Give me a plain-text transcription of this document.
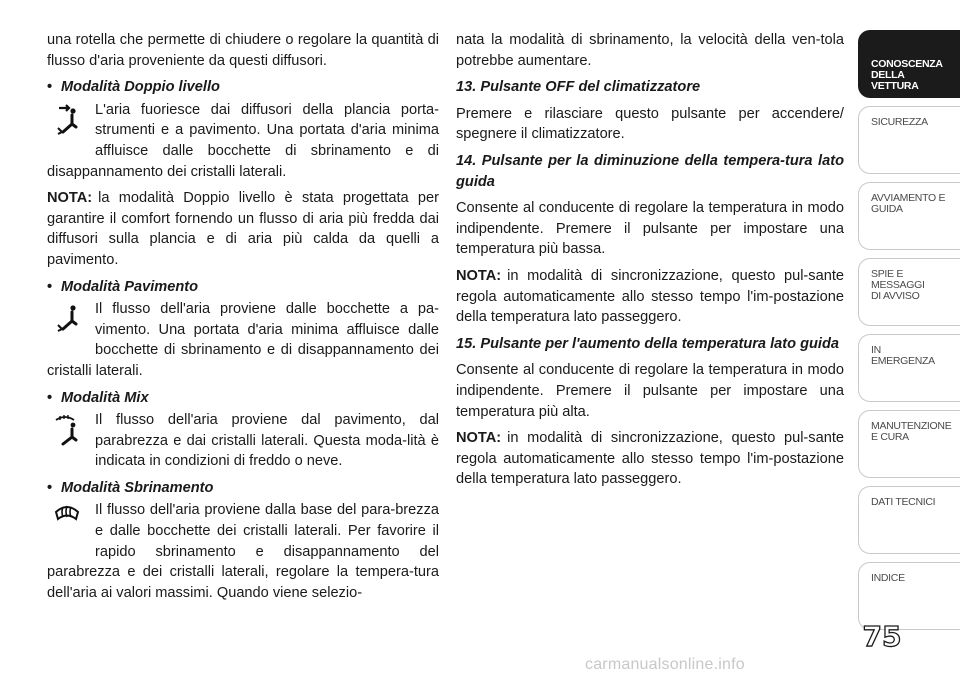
una rotella che permette di chiudere o regolare la quantità di flusso d'aria proveniente da questi diffusori.

• Modalità Doppio livello
L'aria fuoriesce dai diffusori della plancia porta-strumenti e a pavimento. Una portata d'aria minima affluisce dalle bocchette di sbrinamento e di disappannamento dei cristalli laterali.

NOTA: la modalità Doppio livello è stata progettata per garantire il comfort fornendo un flusso di aria più fredda dai diffusori sulla plancia e di aria più calda da quelli a pavimento.

• Modalità Pavimento
Il flusso dell'aria proviene dalle bocchette a pa-vimento. Una portata d'aria minima affluisce dalle bocchette di sbrinamento e di disappannamento dei cristalli laterali.
• Modalità Mix
Il flusso dell'aria proviene dal pavimento, dal parabrezza e dai cristalli laterali. Questa moda-lità è indicata in condizioni di freddo o neve.
• Modalità Sbrinamento
Il flusso dell'aria proviene dalla base del para-brezza e dalle bocchette dei cristalli laterali. Per favorire il rapido sbrinamento e disappannamento del parabrezza e dei cristalli laterali, regolare la tempera-tura dell'aria ai valori massimi. Quando viene selezio-

nata la modalità di sbrinamento, la velocità della ven-tola potrebbe aumentare.

13. Pulsante OFF del climatizzatore

Premere e rilasciare questo pulsante per accendere/ spegnere il climatizzatore.

14. Pulsante per la diminuzione della tempera-tura lato guida

Consente al conducente di regolare la temperatura in modo indipendente. Premere il pulsante per impostare una temperatura più bassa.

NOTA: in modalità di sincronizzazione, questo pul-sante regola automaticamente allo stesso tempo l'im-postazione della temperatura lato passeggero.

15. Pulsante per l'aumento della temperatura lato guida

Consente al conducente di regolare la temperatura in modo indipendente. Premere il pulsante per impostare una temperatura più alta.

NOTA: in modalità di sincronizzazione, questo pul-sante regola automaticamente allo stesso tempo l'im-postazione della temperatura lato passeggero.

CONOSCENZA
DELLA VETTURA
SICUREZZA
AVVIAMENTO E
GUIDA
SPIE E
MESSAGGI
DI AVVISO
IN
EMERGENZA
MANUTENZIONE
E CURA
DATI TECNICI
INDICE
75
carmanualsonline.info
